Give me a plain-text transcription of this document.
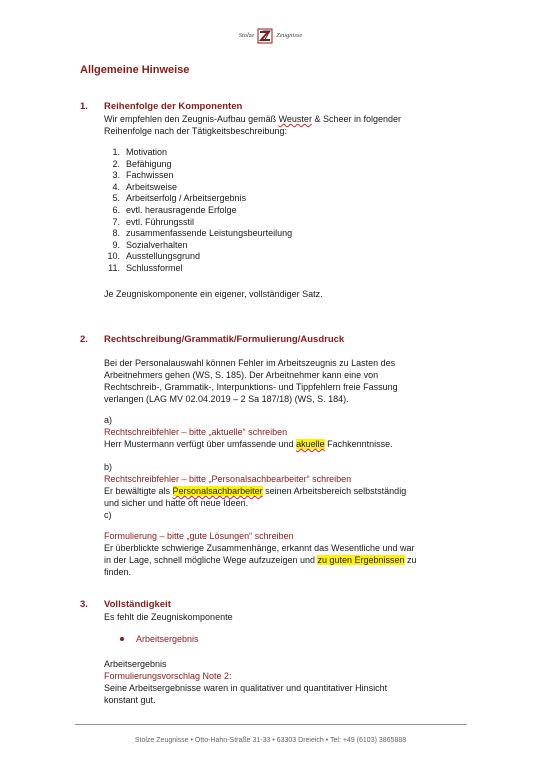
Stolze	Zeugnisse
Allgemeine Hinweise
1. Reihenfolge der Komponenten
Wir empfehlen den Zeugnis-Aufbau gemäß Weuster & Scheer in folgender
Reihenfolge nach der Tätigkeitsbeschreibung:
1. Motivation
2. Befähigung
3. Fachwissen
4. Arbeitsweise
5. Arbeitserfolg / Arbeitsergebnis
6. evtl. herausragende Erfolge
7. evtl. Führungsstil
8. zusammenfassende Leistungsbeurteilung
9. Sozialverhalten
10. Ausstellungsgrund
11. Schlussformel
Je Zeugniskomponente ein eigener, vollständiger Satz.
2. Rechtschreibung/Grammatik/Formulierung/Ausdruck
Bei der Personalauswahl können Fehler im Arbeitszeugnis zu Lasten des
Arbeitnehmers gehen (WS, S. 185). Der Arbeitnehmer kann eine von
Rechtschreib-, Grammatik-, Interpunktions- und Tippfehlern freie Fassung
verlangen (LAG MV 02.04.2019 – 2 Sa 187/18) (WS, S. 184).
a)
Rechtschreibfehler – bitte „aktuelle“ schreiben
Herr Mustermann verfügt über umfassende und akuelle Fachkenntnisse.
b)
Rechtschreibfehler – bitte „Personalsachbearbeiter“ schreiben
Er bewältigte als Personalsachbarbeiter seinen Arbeitsbereich selbstständig
und sicher und hatte oft neue Ideen.
c)
Formulierung – bitte „gute Lösungen“ schreiben
Er überblickte schwierige Zusammenhänge, erkannt das Wesentliche und war
in der Lage, schnell mögliche Wege aufzuzeigen und zu guten Ergebnissen zu
finden.
3. Vollständigkeit
Es fehlt die Zeugniskomponente
Arbeitsergebnis
Arbeitsergebnis
Formulierungsvorschlag Note 2:
Seine Arbeitsergebnisse waren in qualitativer und quantitativer Hinsicht
konstant gut.
Stolze Zeugnisse • Otto-Hahn-Straße 31-33 • 63303 Dreieich • Tel: +49 (6103) 3865888
